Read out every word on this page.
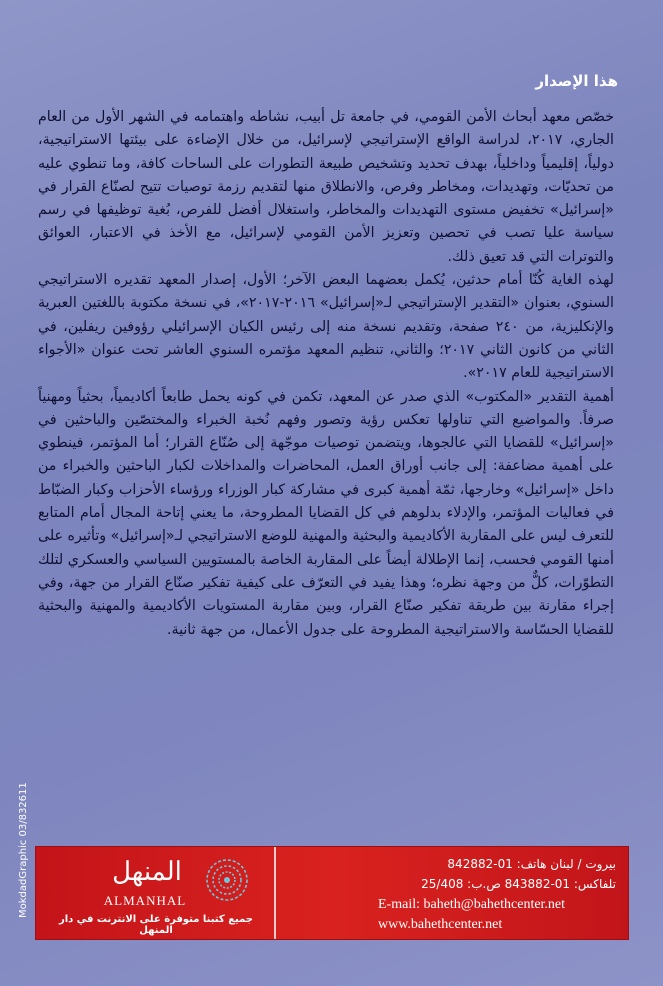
هذا الإصدار

خصّص معهد أبحاث الأمن القومي، في جامعة تل أبيب، نشاطه واهتمامه في الشهر الأول من العام الجاري، ٢٠١٧، لدراسة الواقع الإستراتيجي لإسرائيل، من خلال الإضاءة على بيئتها الاستراتيجية، دولياً، إقليمياً وداخلياً، بهدف تحديد وتشخيص طبيعة التطورات على الساحات كافة، وما تنطوي عليه من تحديّات، وتهديدات، ومخاطر وفرص، والانطلاق منها لتقديم رزمة توصيات تتيح لصنّاع القرار في «إسرائيل» تخفيض مستوى التهديدات والمخاطر، واستغلال أفضل للفرص، بُغية توظيفها في رسم سياسة عليا تصب في تحصين وتعزيز الأمن القومي لإسرائيل، مع الأخذ في الاعتبار، العوائق والتوترات التي قد تعيق ذلك.

لهذه الغاية كُنّا أمام حدثين، يُكمل بعضهما البعض الآخر؛ الأول، إصدار المعهد تقديره الاستراتيجي السنوي، بعنوان «التقدير الإستراتيجي لـ«إسرائيل» ٢٠١٦-٢٠١٧»، في نسخة مكتوبة باللغتين العبرية والإنكليزية، من ٢٤٠ صفحة، وتقديم نسخة منه إلى رئيس الكيان الإسرائيلي رؤوفين ريفلين، في الثاني من كانون الثاني ٢٠١٧؛ والثاني، تنظيم المعهد مؤتمره السنوي العاشر تحت عنوان «الأجواء الاستراتيجية للعام ٢٠١٧».

أهمية التقدير «المكتوب» الذي صدر عن المعهد، تكمن في كونه يحمل طابعاً أكاديمياً، بحثياً ومهنياً صرفاً. والمواضيع التي تناولها تعكس رؤية وتصور وفهم نُخبة الخبراء والمختصّين والباحثين في «إسرائيل» للقضايا التي عالجوها، ويتضمن توصيات موجّهة إلى صُنّاع القرار؛ أما المؤتمر، فينطوي على أهمية مضاعفة: إلى جانب أوراق العمل، المحاضرات والمداخلات لكبار الباحثين والخبراء من داخل «إسرائيل» وخارجها، ثمّة أهمية كبرى في مشاركة كبار الوزراء ورؤساء الأحزاب وكبار الضبّاط في فعاليات المؤتمر، والإدلاء بدلوهم في كل القضايا المطروحة، ما يعني إتاحة المجال أمام المتابع للتعرف ليس على المقاربة الأكاديمية والبحثية والمهنية للوضع الاستراتيجي لـ«إسرائيل» وتأثيره على أمنها القومي فحسب، إنما الإطلالة أيضاً على المقاربة الخاصة بالمستويين السياسي والعسكري لتلك التطوّرات، كلٌّ من وجهة نظره؛ وهذا يفيد في التعرّف على كيفية تفكير صنّاع القرار من جهة، وفي إجراء مقارنة بين طريقة تفكير صنّاع القرار، وبين مقاربة المستويات الأكاديمية والمهنية والبحثية للقضايا الحسّاسة والاستراتيجية المطروحة على جدول الأعمال، من جهة ثانية.

MokdadGraphic 03/832611	المنهل
ALMANHAL
جميع كتبنا متوفرة على الانترنت في دار المنهل
بيروت / لبنان هاتف: 01-842882
تلفاكس: 01-843882 ص.ب: 25/408
E-mail: baheth@bahethcenter.net
www.bahethcenter.net
